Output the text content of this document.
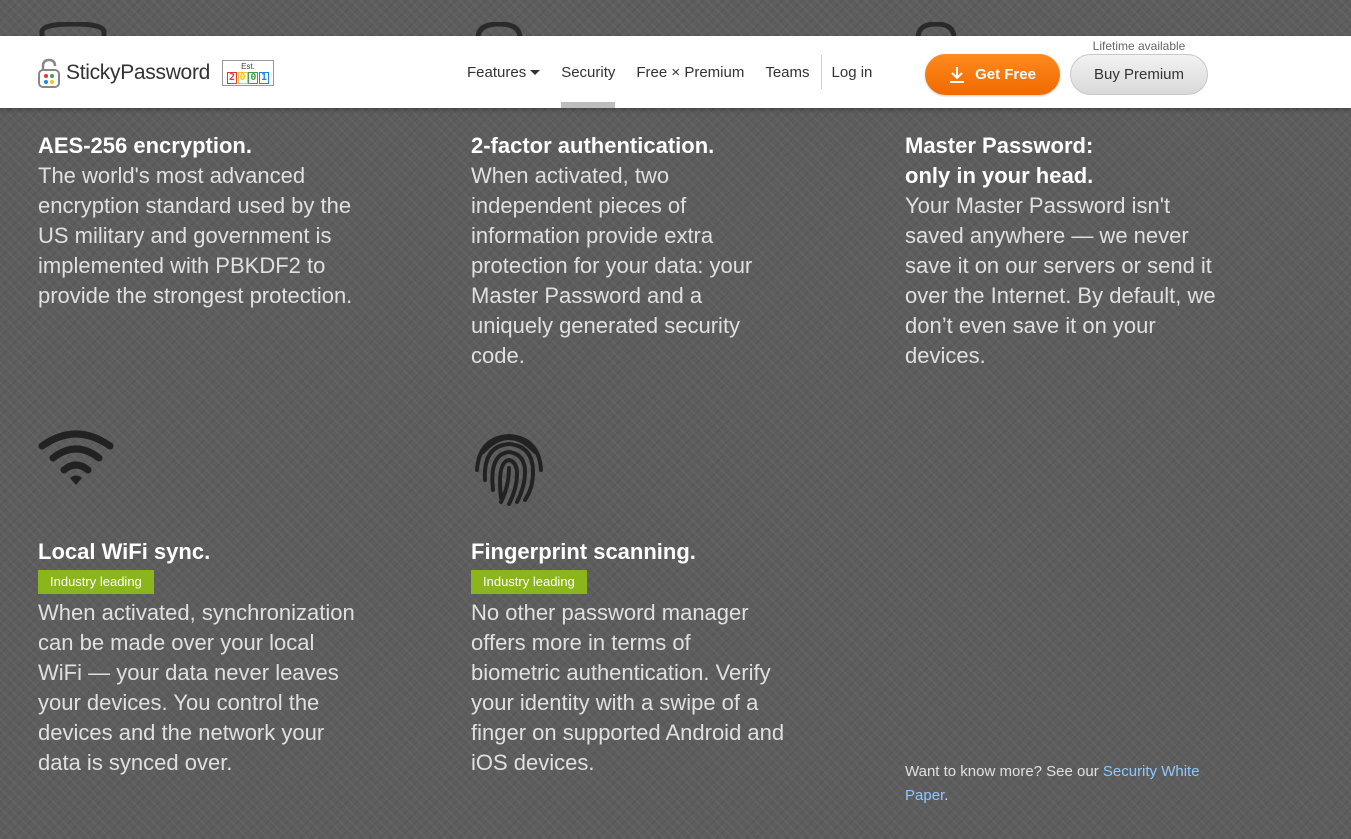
StickyPassword	Est.
2 0 0 1	Features Security Free × Premium Teams Log in	Get Free
Lifetime available
Buy Premium
AES-256 encryption.

The world's most advanced encryption standard used by the US military and government is implemented with PBKDF2 to provide the strongest protection.

2-factor authentication.

When activated, two independent pieces of information provide extra protection for your data: your Master Password and a uniquely generated security code.

Master Password:
only in your head.

Your Master Password isn't saved anywhere — we never save it on our servers or send it over the Internet. By default, we don’t even save it on your devices.

Local WiFi sync.
Industry leading

When activated, synchronization can be made over your local WiFi — your data never leaves your devices. You control the devices and the network your data is synced over.

Fingerprint scanning.
Industry leading

No other password manager offers more in terms of biometric authentication. Verify your identity with a swipe of a finger on supported Android and iOS devices.	Want to know more? See our Security White Paper.
